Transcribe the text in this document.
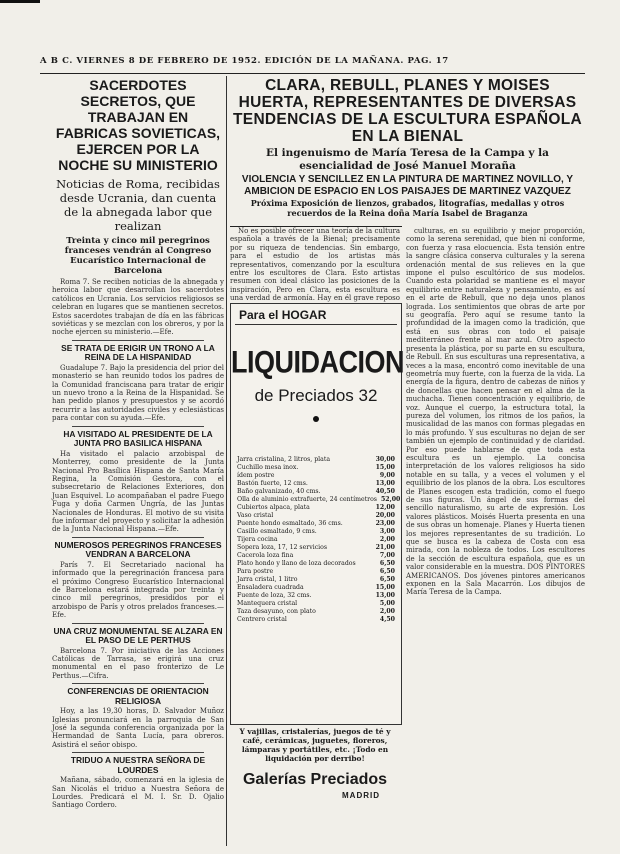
A B C. VIERNES 8 DE FEBRERO DE 1952. EDICIÓN DE LA MAÑANA. PAG. 17

SACERDOTES SECRETOS, QUE TRABAJAN EN FABRICAS SOVIETICAS, EJERCEN POR LA NOCHE SU MINISTERIO

Noticias de Roma, recibidas desde Ucrania, dan cuenta de la abnegada labor que realizan

Treinta y cinco mil peregrinos franceses vendrán al Congreso Eucarístico Internacional de Barcelona

Roma 7. Se reciben noticias de la abnegada y heroica labor que desarrollan los sacerdotes católicos en Ucrania. Los servicios religiosos se celebran en lugares que se mantienen secretos. Estos sacerdotes trabajan de día en las fábricas soviéticas y se mezclan con los obreros, y por la noche ejercen su ministerio.—Efe.

SE TRATA DE ERIGIR UN TRONO A LA REINA DE LA HISPANIDAD

Guadalupe 7. Bajo la presidencia del prior del monasterio se han reunido todos los padres de la Comunidad franciscana para tratar de erigir un nuevo trono a la Reina de la Hispanidad. Se han pedido planos y presupuestos y se acordó recurrir a las autoridades civiles y eclesiásticas para contar con su ayuda.—Efe.

HA VISITADO AL PRESIDENTE DE LA JUNTA PRO BASILICA HISPANA

Ha visitado el palacio arzobispal de Monterrey, como presidente de la Junta Nacional Pro Basílica Hispana de Santa María Regina, la Comisión Gestora, con el subsecretario de Relaciones Exteriores, don Juan Esquivel. Lo acompañaban el padre Fuego Fuga y doña Carmen Ungría, de las Juntas Nacionales de Honduras. El motivo de su visita fue informar del proyecto y solicitar la adhesión de la Junta Nacional Hispana.—Efe.

NUMEROSOS PEREGRINOS FRANCESES VENDRAN A BARCELONA

París 7. El Secretariado nacional ha informado que la peregrinación francesa para el próximo Congreso Eucarístico Internacional de Barcelona estará integrada por treinta y cinco mil peregrinos, presididos por el arzobispo de París y otros prelados franceses.—Efe.

UNA CRUZ MONUMENTAL SE ALZARA EN EL PASO DE LE PERTHUS

Barcelona 7. Por iniciativa de las Acciones Católicas de Tarrasa, se erigirá una cruz monumental en el paso fronterizo de Le Perthus.—Cifra.

CONFERENCIAS DE ORIENTACION RELIGIOSA

Hoy, a las 19,30 horas, D. Salvador Muñoz Iglesias pronunciará en la parroquia de San José la segunda conferencia organizada por la Hermandad de Santa Lucía, para obreros. Asistirá el señor obispo.

TRIDUO A NUESTRA SEÑORA DE LOURDES

Mañana, sábado, comenzará en la iglesia de San Nicolás el triduo a Nuestra Señora de Lourdes. Predicará el M. I. Sr. D. Ojalio Santiago Cordero.

CLARA, REBULL, PLANES Y MOISES HUERTA, REPRESENTANTES DE DIVERSAS TENDENCIAS DE LA ESCULTURA ESPAÑOLA EN LA BIENAL

El ingenuismo de María Teresa de la Campa y la esencialidad de José Manuel Moraña

VIOLENCIA Y SENCILLEZ EN LA PINTURA DE MARTINEZ NOVILLO, Y AMBICION DE ESPACIO EN LOS PAISAJES DE MARTINEZ VAZQUEZ

Próxima Exposición de lienzos, grabados, litografías, medallas y otros recuerdos de la Reina doña María Isabel de Braganza

No es posible ofrecer una teoría de la cultura española a través de la Bienal; precisamente por su riqueza de tendencias. Sin embargo, para el estudio de los artistas más representativos, comenzando por la escultura entre los escultores de Clara. Esto artistas resumen con ideal clásico las posiciones de la inspiración, Pero en Clara, esta escultura es una verdad de armonía. Hay en él grave reposo

culturas, en su equilibrio y mejor proporción, como la serena serenidad, que bien ni conforme, con fuerza y rasa elocuencia. Esta tensión entre la sangre clásica conserva culturales y la serena ordenación mental de sus relieves en la que impone el pulso escultórico de sus modelos. Cuando esta polaridad se mantiene es el mayor equilibrio entre naturaleza y pensamiento, es así en el arte de Rebull, que no deja unos planos lograda. Los sentimientos que obras de arte por su geografía. Pero aquí se resume tanto la profundidad de la imagen como la tradición, que está en sus obras con todo el paisaje mediterráneo frente al mar azul. Otro aspecto presenta la plástica, por su parte en su escultura, de Rebull. En sus esculturas una representativa, a veces a la masa, encontró como inevitable de una geometría muy fuerte, con la fuerza de la vida. La energía de la figura, dentro de cabezas de niños y de doncellas que hacen pensar en el alma de la muchacha. Tienen concentración y equilibrio, de voz. Aunque el cuerpo, la estructura total, la pureza del volumen, los ritmos de los paños, la musicalidad de las manos con formas plegadas en lo más profundo. Y sus esculturas no dejan de ser también un ejemplo de continuidad y de claridad. Por eso puede hablarse de que toda esta escultura es un ejemplo. La concisa interpretación de los valores religiosos ha sido notable en su talla, y a veces el volumen y el equilibrio de los planos de la obra. Los escultores de Planes escogen esta tradición, como el fuego de sus figuras. Un ángel de sus formas del sencillo naturalismo, su arte de expresión. Los valores plásticos. Moisés Huerta presenta en una de sus obras un homenaje. Planes y Huerta tienen los mejores representantes de su tradición. Lo que se busca es la cabeza de Costa con esa mirada, con la nobleza de todos. Los escultores de la sección de escultura española, que es un valor considerable en la muestra. DOS PINTORES AMERICANOS. Dos jóvenes pintores americanos exponen en la Sala Macarrón. Los dibujos de María Teresa de la Campa.

Para el HOGAR
LIQUIDACION
de Preciados 32
Jarra cristalina, 2 litros, plata	30,00
Cuchillo mesa inox.	15,00
ídem postre	9,00
Bastón fuerte, 12 cms.	13,00
Baño galvanizado, 40 cms.	40,50
Olla de aluminio extrafuerte, 24 centímetros 52,00
Cubiertos alpaca, plata	12,00
Vaso cristal	20,00
Puente hondo esmaltado, 36 cms.	23,00
Casillo esmaltado, 9 cms.	3,00
Tijera cocina	2,00
Sopera loza, 17, 12 servicios	21,00
Cacerola loza fina	7,00
Plato hondo y llano de loza decorados	6,50
Para postre	6,50
Jarra cristal, 1 litro	6,50
Ensaladera cuadrada	15,00
Fuente de loza, 32 cms.	13,00
Mantequera cristal	5,00
Taza desayuno, con plato	2,00
Centrero cristal	4,50

Y vajillas, cristalerías, juegos de té y café, cerámicas, juguetes, floreros, lámparas y portátiles, etc. ¡Todo en liquidación por derribo!

Galerías Preciados
MADRID
